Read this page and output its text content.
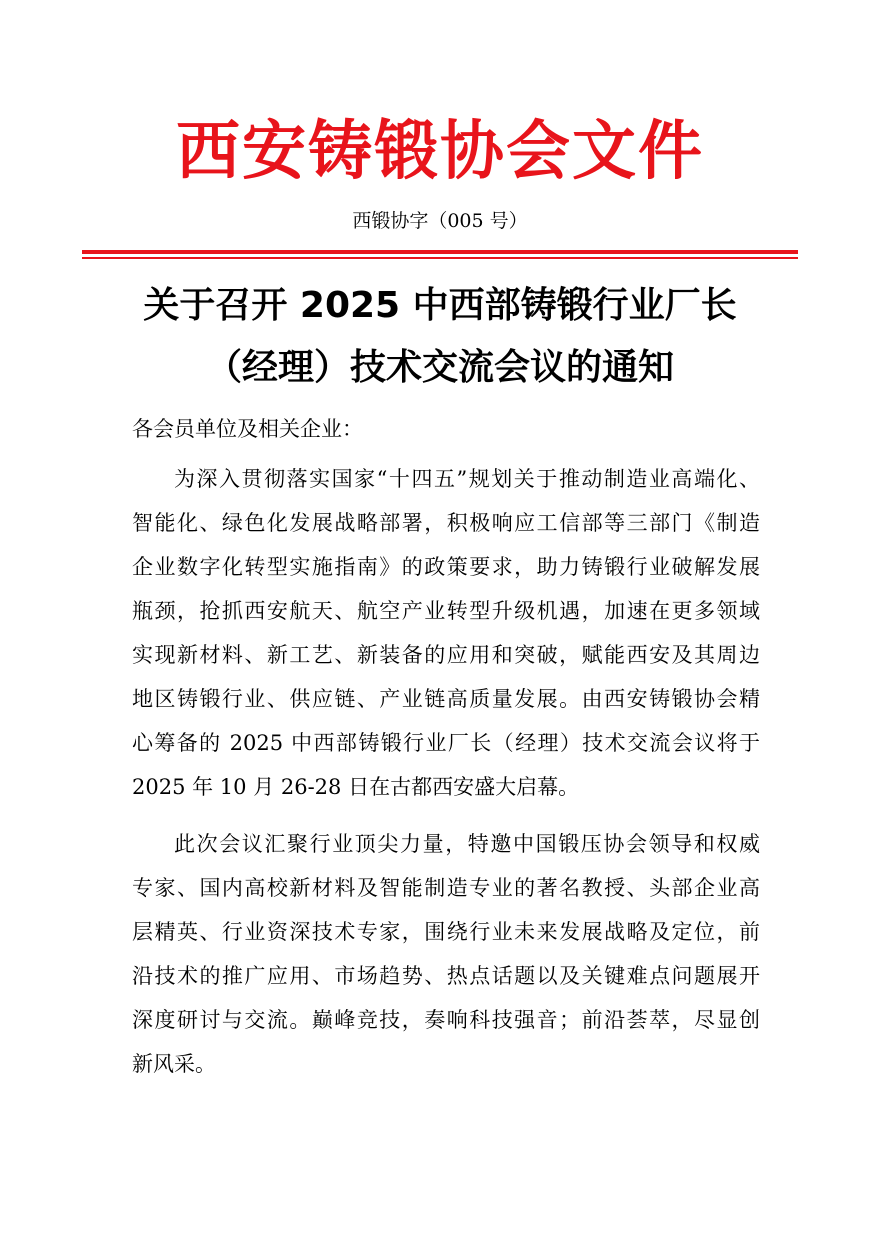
西安铸锻协会文件
西锻协字（005 号）
关于召开 2025 中西部铸锻行业厂长
（经理）技术交流会议的通知
各会员单位及相关企业：
为深入贯彻落实国家“十四五”规划关于推动制造业高端化、
智能化、绿色化发展战略部署，积极响应工信部等三部门《制造
企业数字化转型实施指南》的政策要求，助力铸锻行业破解发展
瓶颈，抢抓西安航天、航空产业转型升级机遇，加速在更多领域
实现新材料、新工艺、新装备的应用和突破，赋能西安及其周边
地区铸锻行业、供应链、产业链高质量发展。由西安铸锻协会精
心筹备的 2025 中西部铸锻行业厂长（经理）技术交流会议将于
2025 年 10 月 26-28 日在古都西安盛大启幕。
此次会议汇聚行业顶尖力量，特邀中国锻压协会领导和权威
专家、国内高校新材料及智能制造专业的著名教授、头部企业高
层精英、行业资深技术专家，围绕行业未来发展战略及定位，前
沿技术的推广应用、市场趋势、热点话题以及关键难点问题展开
深度研讨与交流。巅峰竞技，奏响科技强音；前沿荟萃，尽显创
新风采。
